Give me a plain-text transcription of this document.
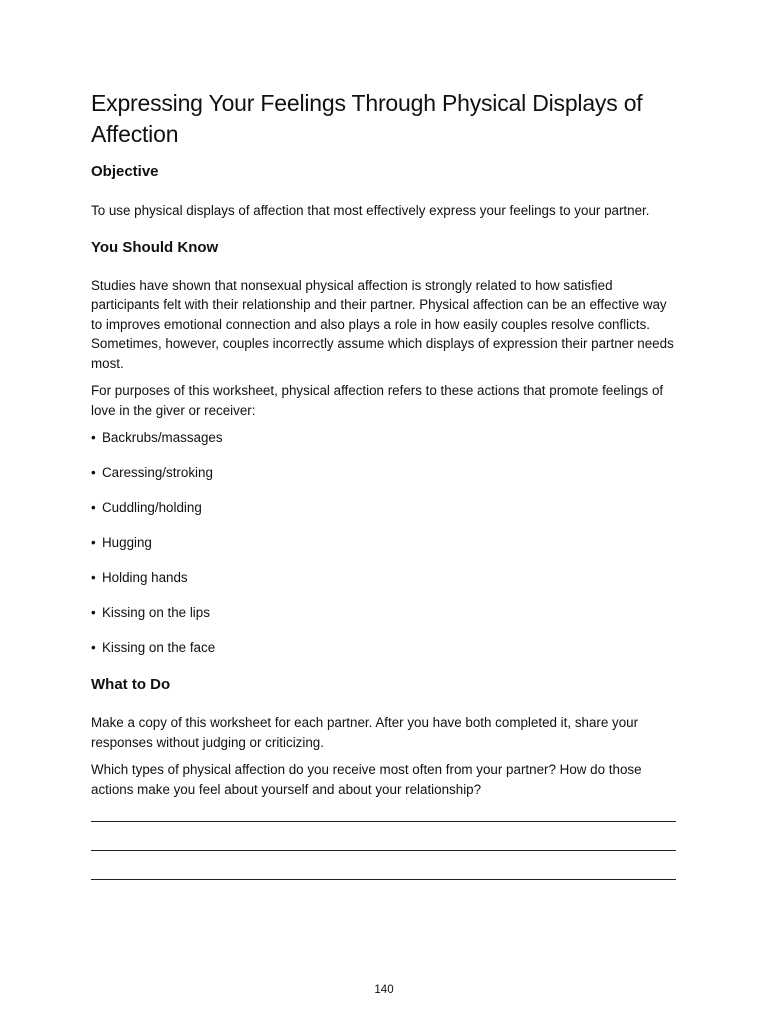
Expressing Your Feelings Through Physical Displays of Affection
Objective

To use physical displays of affection that most effectively express your feelings to your partner.

You Should Know

Studies have shown that nonsexual physical affection is strongly related to how satisfied participants felt with their relationship and their partner. Physical affection can be an effective way to improves emotional connection and also plays a role in how easily couples resolve conflicts. Sometimes, however, couples incorrectly assume which displays of expression their partner needs most.

For purposes of this worksheet, physical affection refers to these actions that promote feelings of love in the giver or receiver:

• Backrubs/massages
• Caressing/stroking
• Cuddling/holding
• Hugging
• Holding hands
• Kissing on the lips
• Kissing on the face
What to Do

Make a copy of this worksheet for each partner. After you have both completed it, share your responses without judging or criticizing.

Which types of physical affection do you receive most often from your partner? How do those actions make you feel about yourself and about your relationship?

140
